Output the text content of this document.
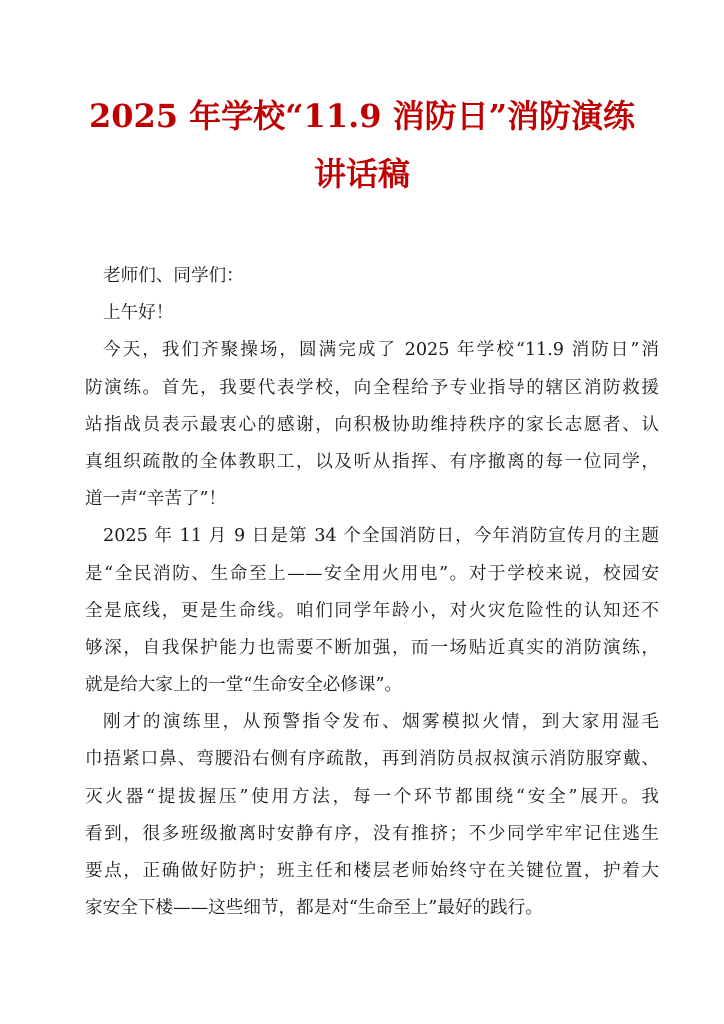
2025 年学校“11.9 消防日”消防演练
讲话稿
老师们、同学们：
上午好！
今天，我们齐聚操场，圆满完成了 2025 年学校“11.9 消防日”消
防演练。首先，我要代表学校，向全程给予专业指导的辖区消防救援
站指战员表示最衷心的感谢，向积极协助维持秩序的家长志愿者、认
真组织疏散的全体教职工，以及听从指挥、有序撤离的每一位同学，
道一声“辛苦了”！
2025 年 11 月 9 日是第 34 个全国消防日，今年消防宣传月的主题
是“全民消防、生命至上——安全用火用电”。对于学校来说，校园安
全是底线，更是生命线。咱们同学年龄小，对火灾危险性的认知还不
够深，自我保护能力也需要不断加强，而一场贴近真实的消防演练，
就是给大家上的一堂“生命安全必修课”。
刚才的演练里，从预警指令发布、烟雾模拟火情，到大家用湿毛
巾捂紧口鼻、弯腰沿右侧有序疏散，再到消防员叔叔演示消防服穿戴、
灭火器“提拔握压”使用方法，每一个环节都围绕“安全”展开。我
看到，很多班级撤离时安静有序，没有推挤；不少同学牢牢记住逃生
要点，正确做好防护；班主任和楼层老师始终守在关键位置，护着大
家安全下楼——这些细节，都是对“生命至上”最好的践行。
